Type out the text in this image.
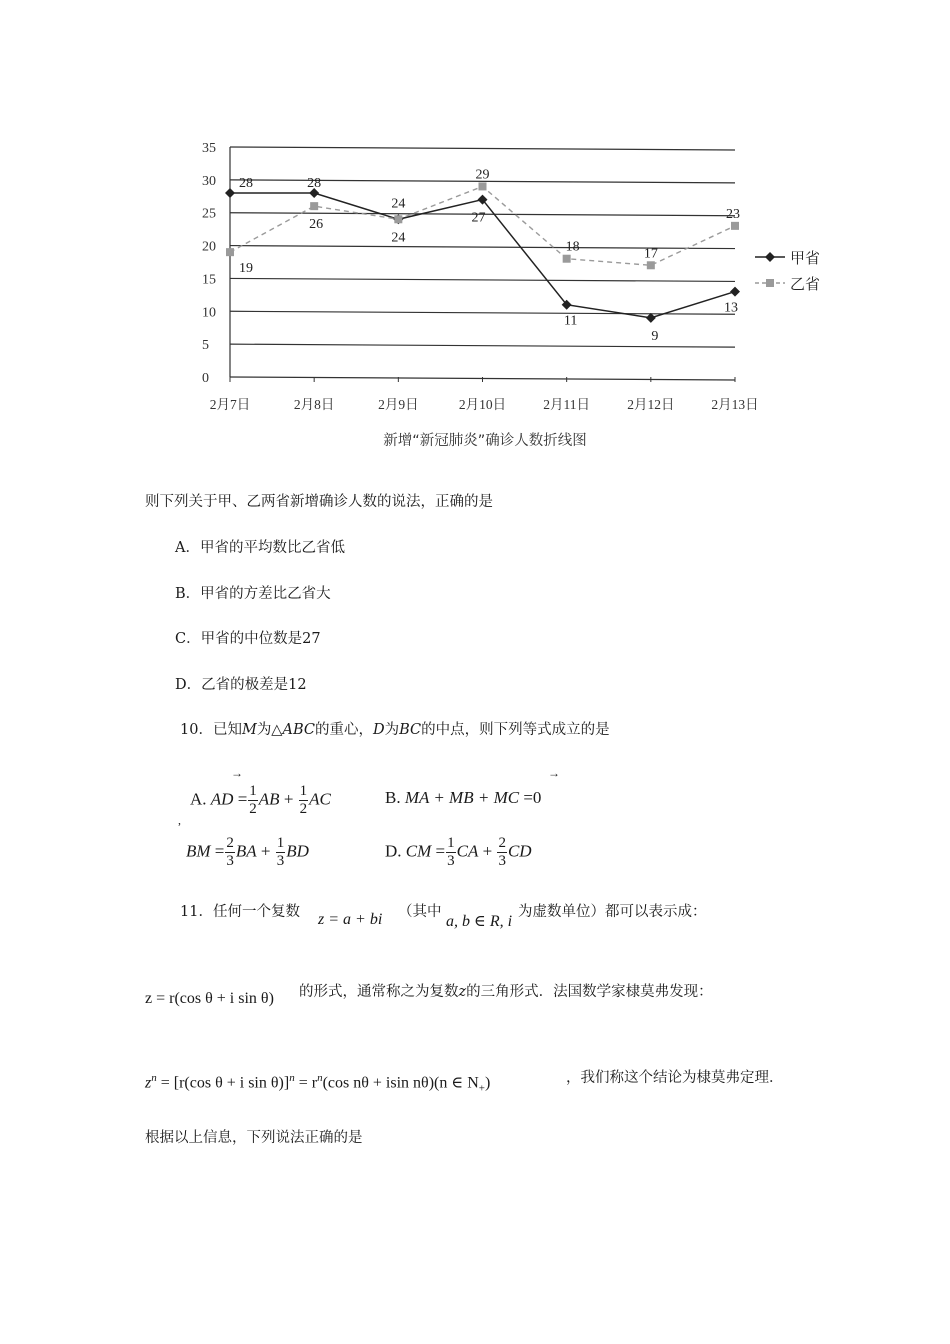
0
5
10
15
20
25
30
35
2月7日	2月8日	2月9日	2月10日	2月11日	2月12日	2月13日
28	28
24
27
11
9
13
19
26
24
29
18	17
23
甲省
乙省
新增“新冠肺炎”确诊人数折线图
则下列关于甲、乙两省新增确诊人数的说法，正确的是
A．甲省的平均数比乙省低
B．甲省的方差比乙省大
C．甲省的中位数是27
D．乙省的极差是12
10．已知M为△ABC的重心，D为BC的中点，则下列等式成立的是
→
A. AD = $\frac{1}{2}$ AB + $\frac{1}{2}$ AC
→
B. MA + MB + MC =0
,
BM = $\frac{2}{3}$ BA + $\frac{1}{3}$ BD	D. CM = $\frac{1}{3}$ CA + $\frac{2}{3}$ CD
11．任何一个复数 z = a + bi （其中
a, b ∈ R, i
为虚数单位）都可以表示成：
z = r(cos θ + i sin θ) 的形式，通常称之为复数z的三角形式．法国数学家棣莫弗发现：
$z^n = [r(\cos$ θ + i $\sin \theta)]^n = r^n(\cos$ nθ + isin nθ)(n ∈ $N_+$)	，我们称这个结论为棣莫弗定理．
根据以上信息，下列说法正确的是
